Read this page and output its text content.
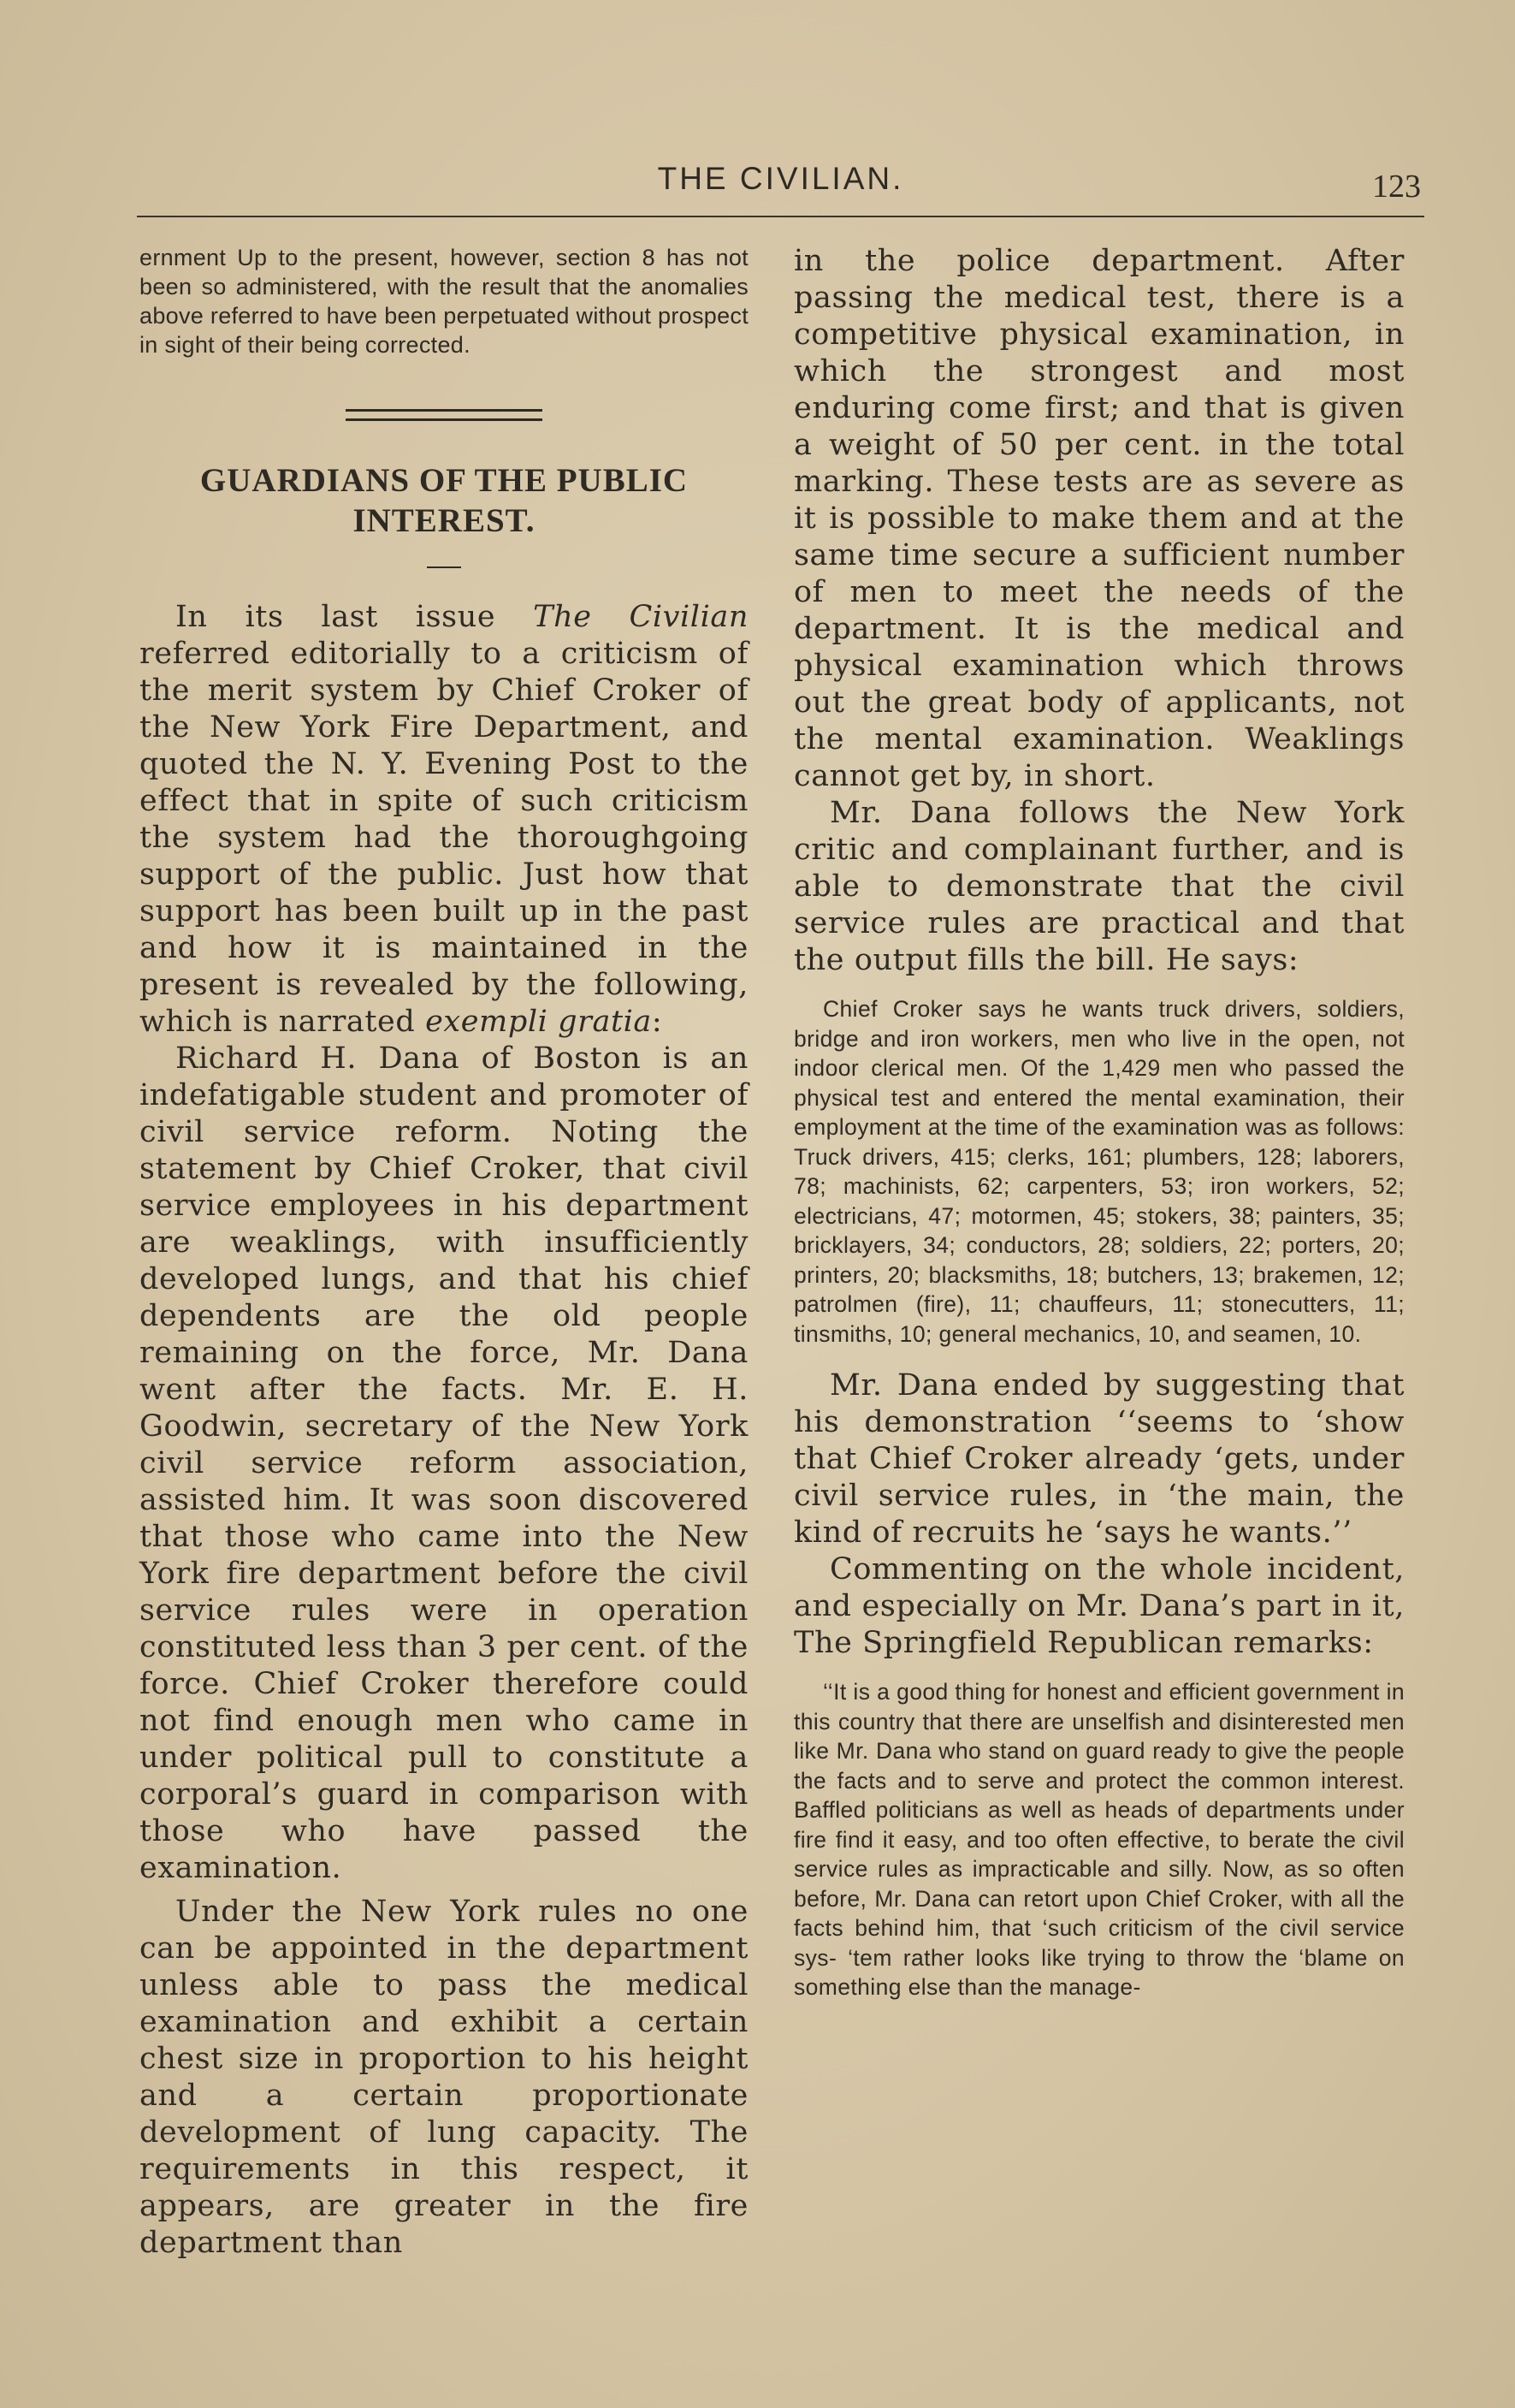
THE CIVILIAN.	123

ernment Up to the present, however, section 8 has not been so administered, with the result that the anomalies above referred to have been perpetuated without prospect in sight of their being corrected.

GUARDIANS OF THE PUBLIC INTEREST.

In its last issue The Civilian referred editorially to a criticism of the merit system by Chief Croker of the New York Fire Department, and quoted the N. Y. Evening Post to the effect that in spite of such criticism the system had the thoroughgoing support of the public. Just how that support has been built up in the past and how it is maintained in the present is revealed by the following, which is narrated exempli gratia:

Richard H. Dana of Boston is an indefatigable student and promoter of civil service reform. Noting the statement by Chief Croker, that civil service employees in his department are weaklings, with insufficiently developed lungs, and that his chief dependents are the old people remaining on the force, Mr. Dana went after the facts. Mr. E. H. Goodwin, secretary of the New York civil service reform association, assisted him. It was soon discovered that those who came into the New York fire department before the civil service rules were in operation constituted less than 3 per cent. of the force. Chief Croker therefore could not find enough men who came in under political pull to constitute a corporal’s guard in comparison with those who have passed the examination.

Under the New York rules no one can be appointed in the department unless able to pass the medical examination and exhibit a certain chest size in proportion to his height and a certain proportionate development of lung capacity. The requirements in this respect, it appears, are greater in the fire department than

in the police department. After passing the medical test, there is a competitive physical examination, in which the strongest and most enduring come first; and that is given a weight of 50 per cent. in the total marking. These tests are as severe as it is possible to make them and at the same time secure a sufficient number of men to meet the needs of the department. It is the medical and physical examination which throws out the great body of applicants, not the mental examination. Weaklings cannot get by, in short.

Mr. Dana follows the New York critic and complainant further, and is able to demonstrate that the civil service rules are practical and that the output fills the bill. He says:

Chief Croker says he wants truck drivers, soldiers, bridge and iron workers, men who live in the open, not indoor clerical men. Of the 1,429 men who passed the physical test and entered the mental examination, their employment at the time of the examination was as follows: Truck drivers, 415; clerks, 161; plumbers, 128; laborers, 78; machinists, 62; carpenters, 53; iron workers, 52; electricians, 47; motormen, 45; stokers, 38; painters, 35; bricklayers, 34; conductors, 28; soldiers, 22; porters, 20; printers, 20; blacksmiths, 18; butchers, 13; brakemen, 12; patrolmen (fire), 11; chauffeurs, 11; stonecutters, 11; tinsmiths, 10; general mechanics, 10, and seamen, 10.

Mr. Dana ended by suggesting that his demonstration ‘‘seems to ‘show that Chief Croker already ‘gets, under civil service rules, in ‘the main, the kind of recruits he ‘says he wants.’’

Commenting on the whole incident, and especially on Mr. Dana’s part in it, The Springfield Republican remarks:

‘‘It is a good thing for honest and efficient government in this country that there are unselfish and disinterested men like Mr. Dana who stand on guard ready to give the people the facts and to serve and protect the common interest. Baffled politicians as well as heads of departments under fire find it easy, and too often effective, to berate the civil service rules as impracticable and silly. Now, as so often before, Mr. Dana can retort upon Chief Croker, with all the facts behind him, that ‘such criticism of the civil service sys- ‘tem rather looks like trying to throw the ‘blame on something else than the manage-
